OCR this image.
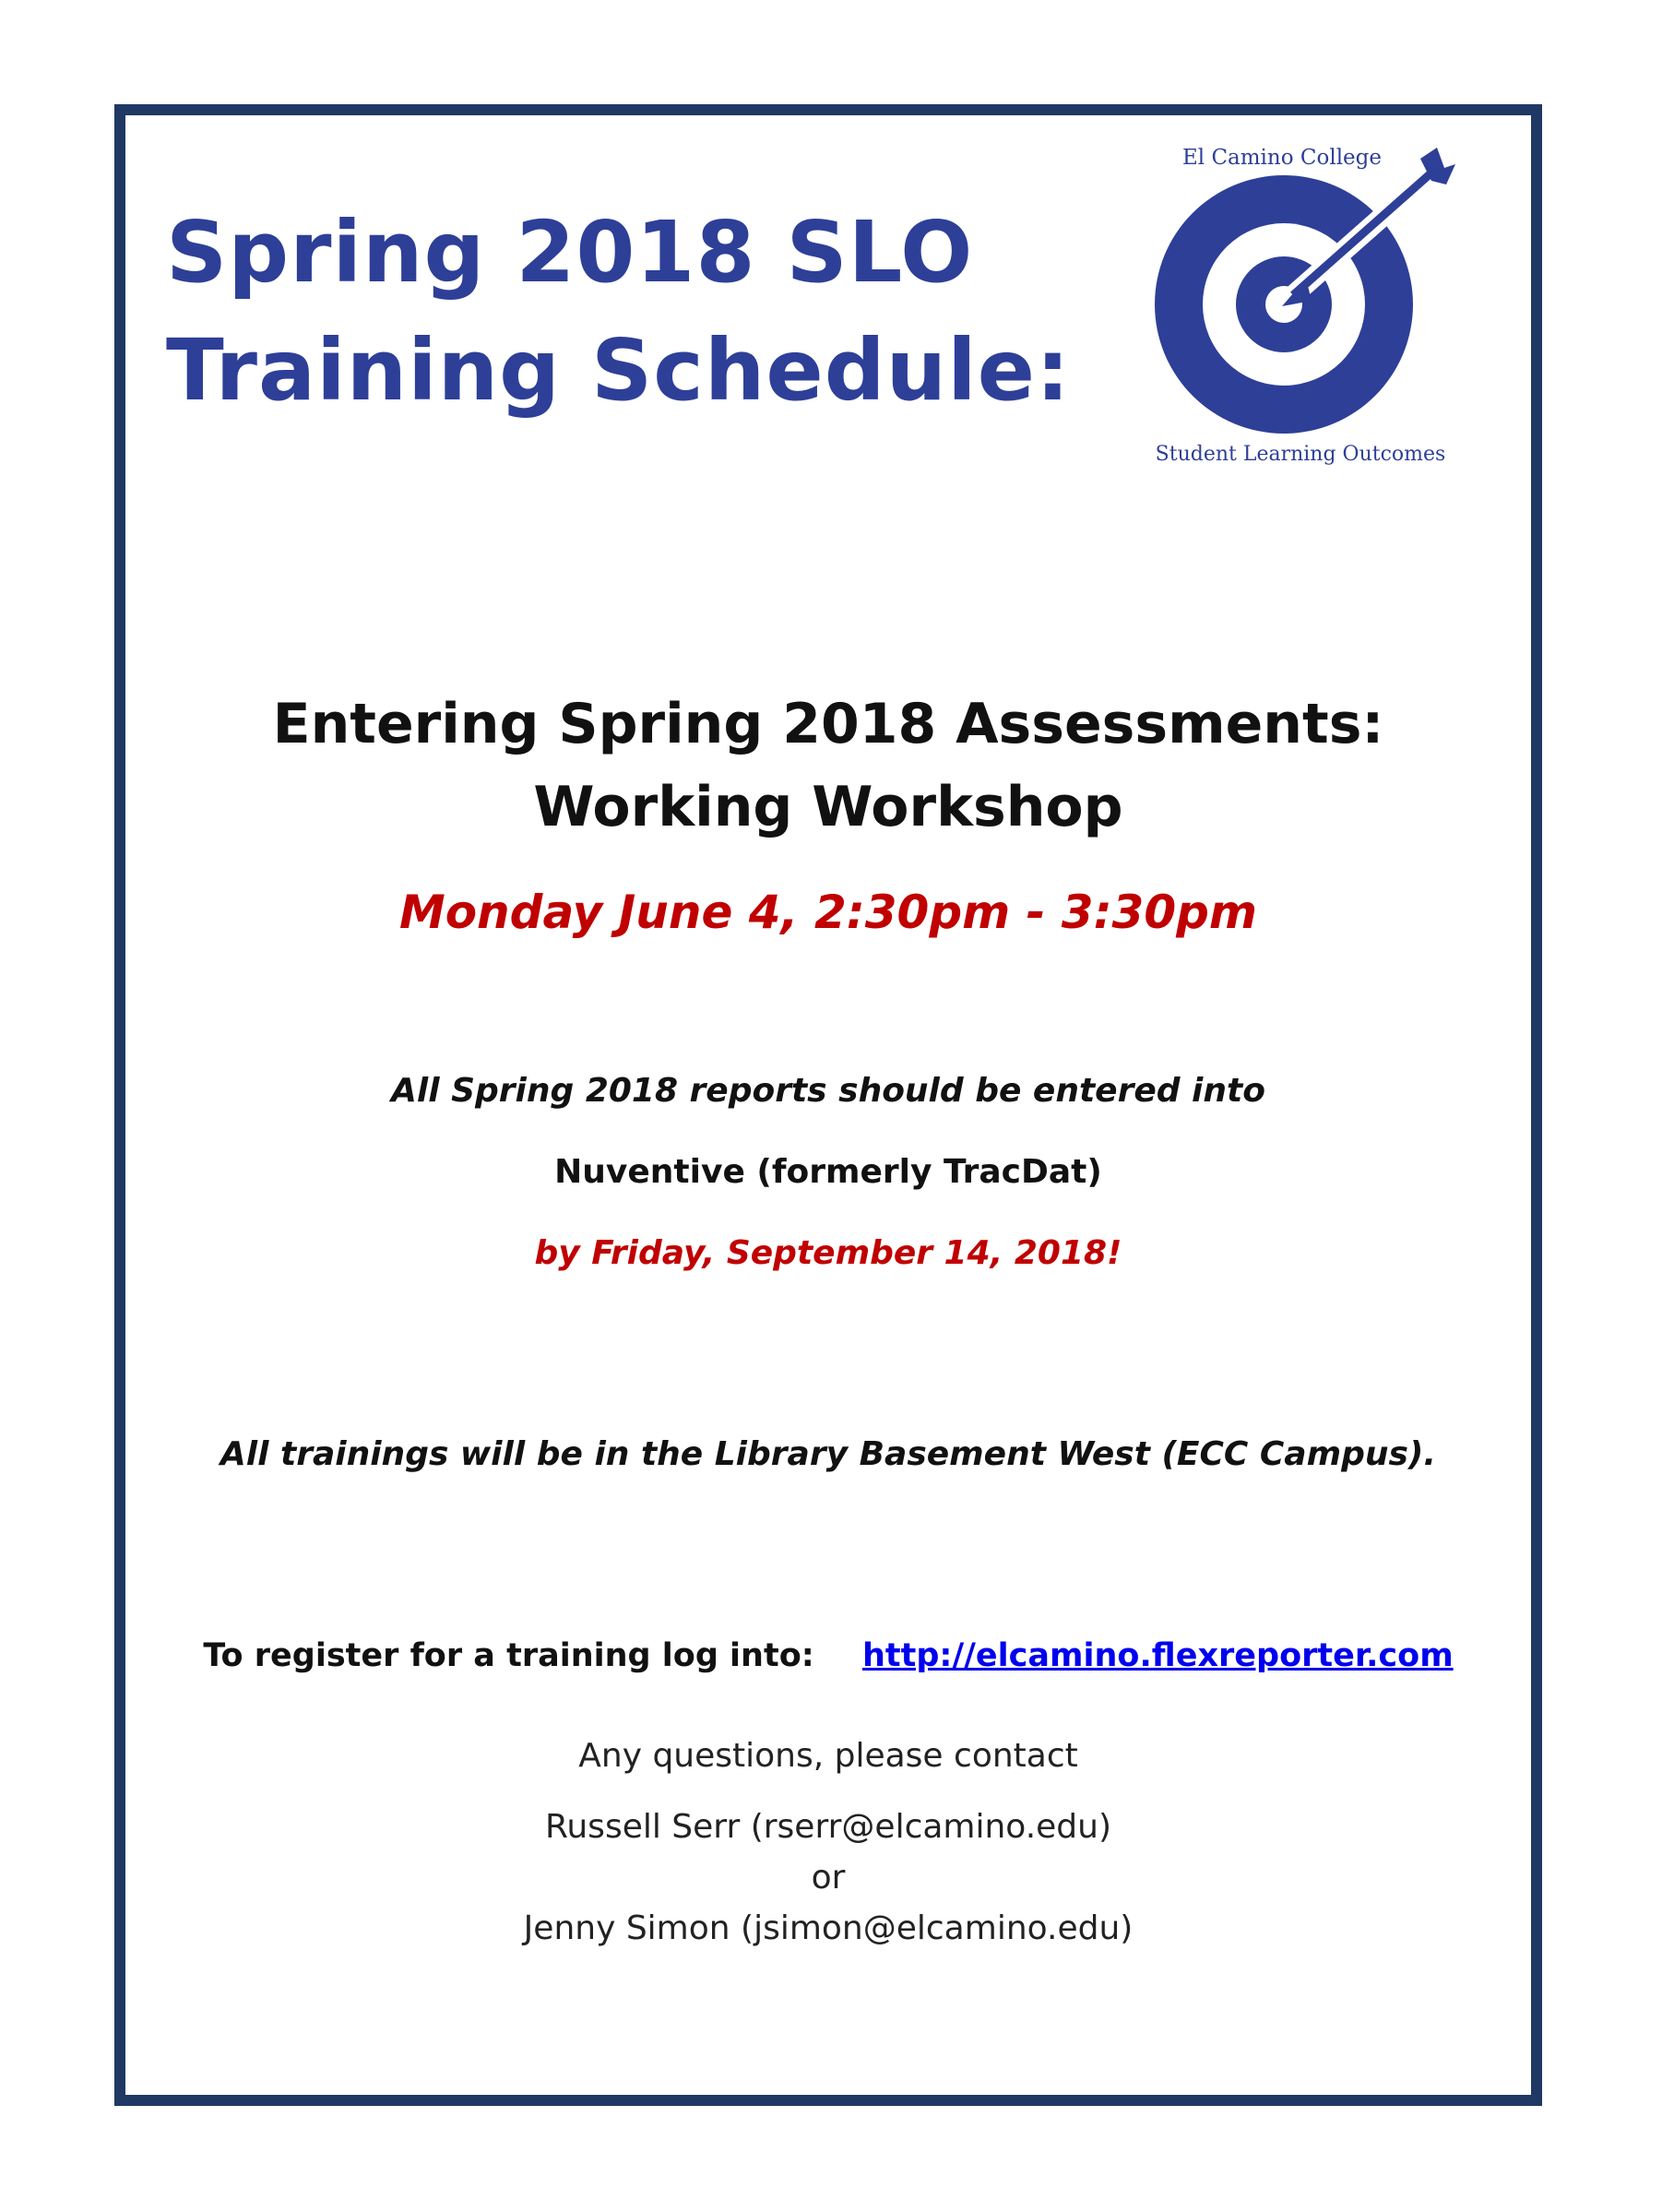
Spring 2018 SLO
Training Schedule:
El Camino College
Student Learning Outcomes
Entering Spring 2018 Assessments:
Working Workshop
Monday June 4, 2:30pm - 3:30pm
All Spring 2018 reports should be entered into
Nuventive (formerly TracDat)
by Friday, September 14, 2018!
All trainings will be in the Library Basement West (ECC Campus).
To register for a training log into: http://elcamino.flexreporter.com
Any questions, please contact
Russell Serr (rserr@elcamino.edu)
or
Jenny Simon (jsimon@elcamino.edu)
